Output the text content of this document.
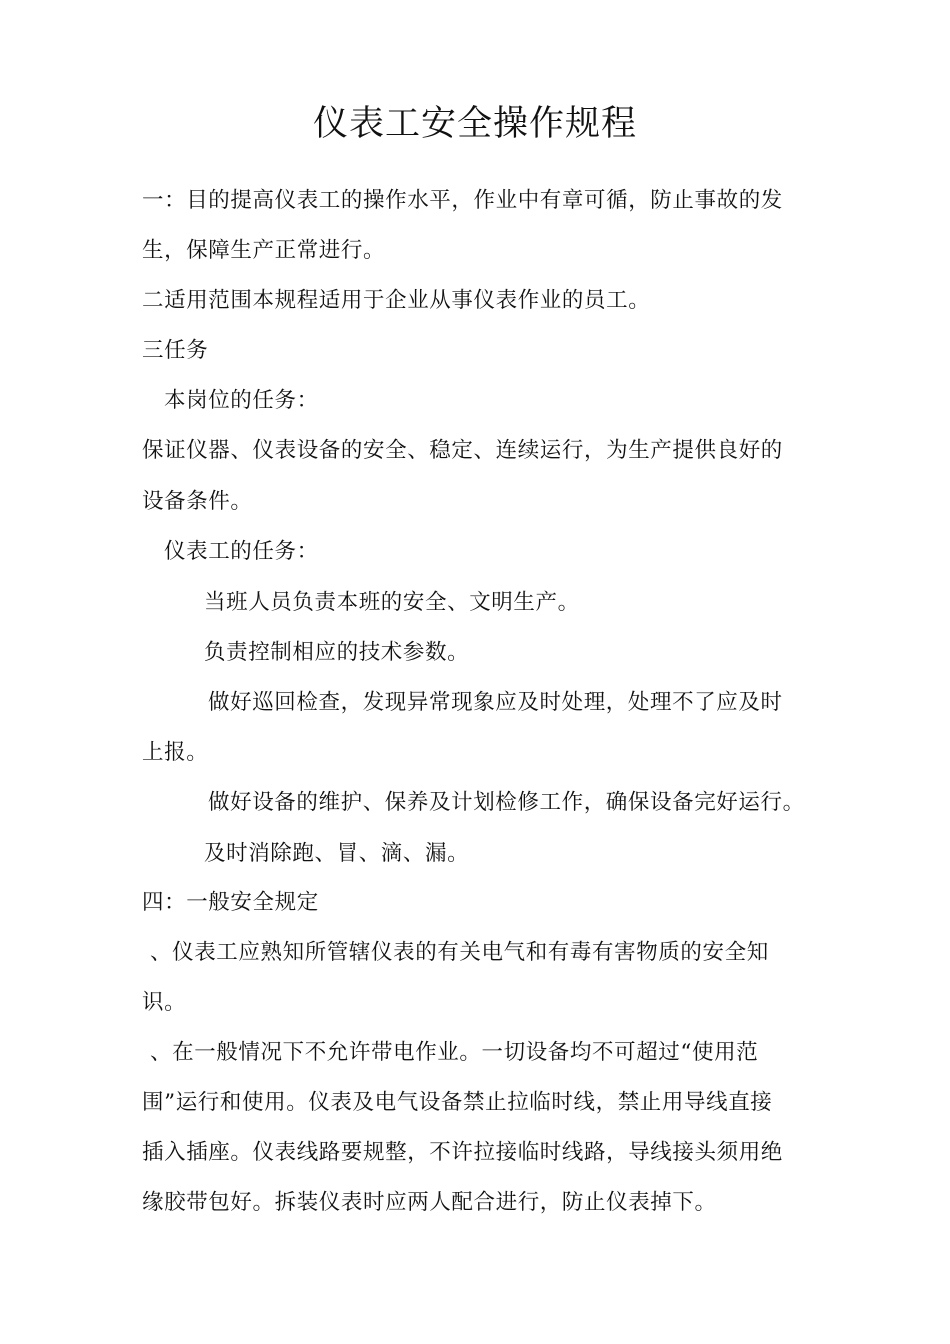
仪表工安全操作规程
一：目的提高仪表工的操作水平，作业中有章可循，防止事故的发
生，保障生产正常进行。
二适用范围本规程适用于企业从事仪表作业的员工。
三任务
本岗位的任务：
保证仪器、仪表设备的安全、稳定、连续运行，为生产提供良好的
设备条件。
仪表工的任务：
当班人员负责本班的安全、文明生产。
负责控制相应的技术参数。
做好巡回检查，发现异常现象应及时处理，处理不了应及时
上报。
做好设备的维护、保养及计划检修工作，确保设备完好运行。
及时消除跑、冒、滴、漏。
四：一般安全规定
、仪表工应熟知所管辖仪表的有关电气和有毒有害物质的安全知
识。
、在一般情况下不允许带电作业。一切设备均不可超过“使用范
围”运行和使用。仪表及电气设备禁止拉临时线，禁止用导线直接
插入插座。仪表线路要规整，不许拉接临时线路，导线接头须用绝
缘胶带包好。拆装仪表时应两人配合进行，防止仪表掉下。
